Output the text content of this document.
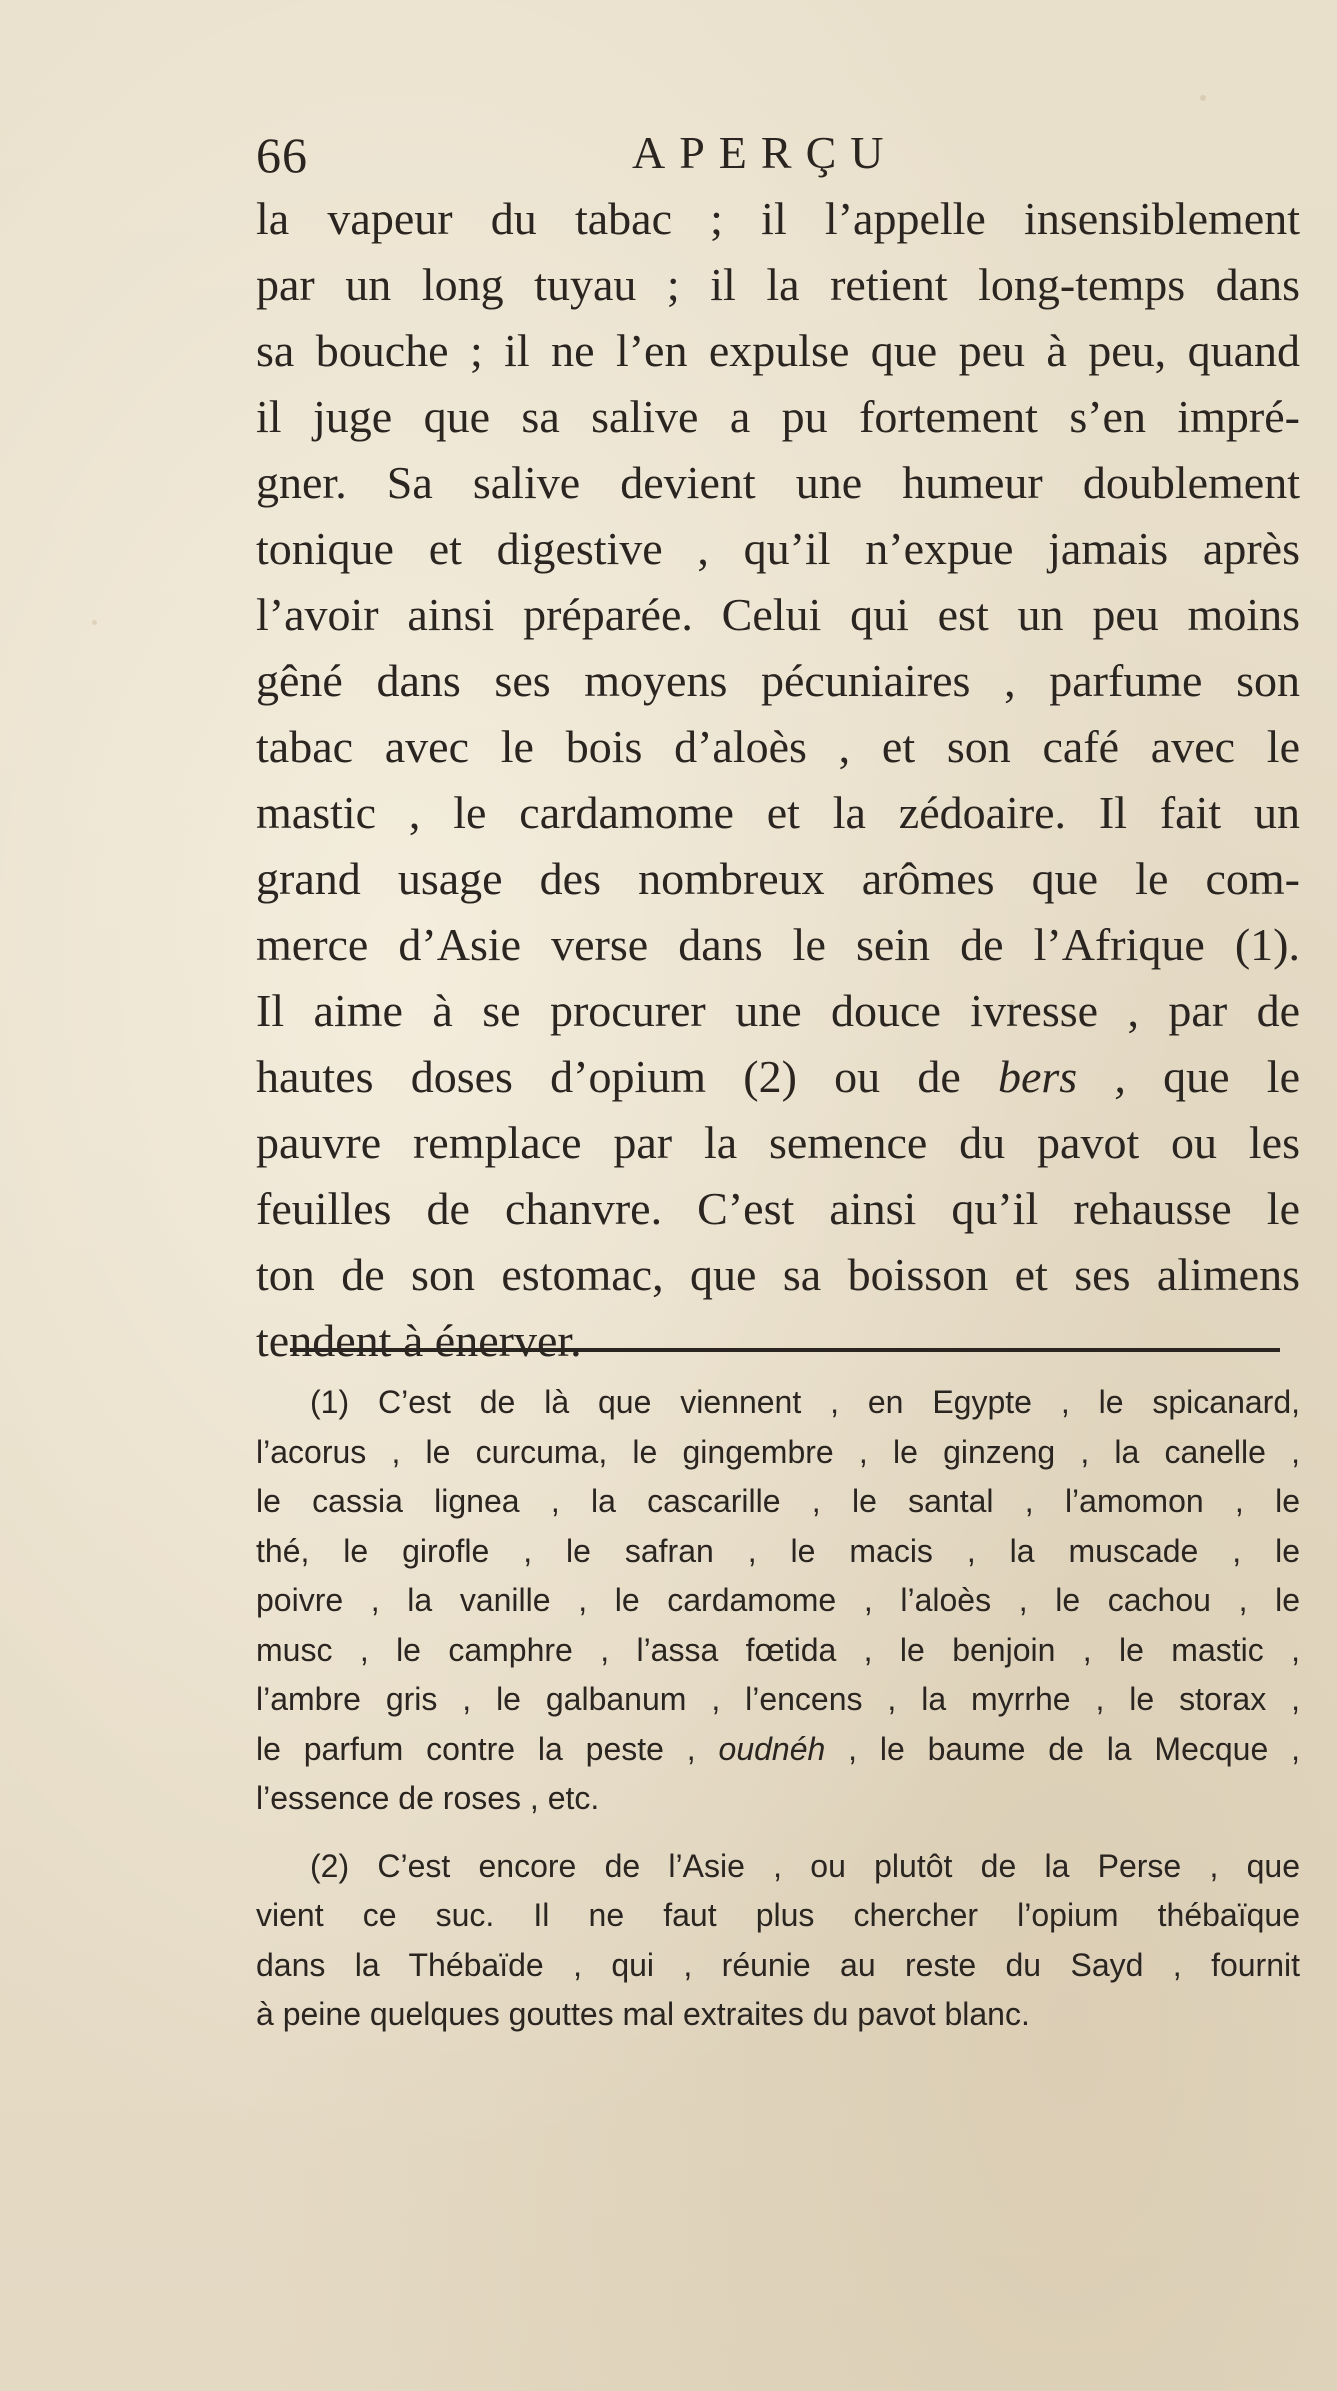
66	APERÇU
la vapeur du tabac ; il l’appelle insensiblement
par un long tuyau ; il la retient long-temps dans
sa bouche ; il ne l’en expulse que peu à peu, quand
il juge que sa salive a pu fortement s’en impré-
gner. Sa salive devient une humeur doublement
tonique et digestive , qu’il n’expue jamais après
l’avoir ainsi préparée. Celui qui est un peu moins
gêné dans ses moyens pécuniaires , parfume son
tabac avec le bois d’aloès , et son café avec le
mastic , le cardamome et la zédoaire. Il fait un
grand usage des nombreux arômes que le com-
merce d’Asie verse dans le sein de l’Afrique (1).
Il aime à se procurer une douce ivresse , par de
hautes doses d’opium (2) ou de bers , que le
pauvre remplace par la semence du pavot ou les
feuilles de chanvre. C’est ainsi qu’il rehausse le
ton de son estomac, que sa boisson et ses alimens
tendent à énerver.
(1) C’est de là que viennent , en Egypte , le spicanard,
l’acorus , le curcuma, le gingembre , le ginzeng , la canelle ,
le cassia lignea , la cascarille , le santal , l’amomon , le
thé, le girofle , le safran , le macis , la muscade , le
poivre , la vanille , le cardamome , l’aloès , le cachou , le
musc , le camphre , l’assa fœtida , le benjoin , le mastic ,
l’ambre gris , le galbanum , l’encens , la myrrhe , le storax ,
le parfum contre la peste , oudnéh , le baume de la Mecque ,
l’essence de roses , etc.
(2) C’est encore de l’Asie , ou plutôt de la Perse , que
vient ce suc. Il ne faut plus chercher l’opium thébaïque
dans la Thébaïde , qui , réunie au reste du Sayd , fournit
à peine quelques gouttes mal extraites du pavot blanc.
